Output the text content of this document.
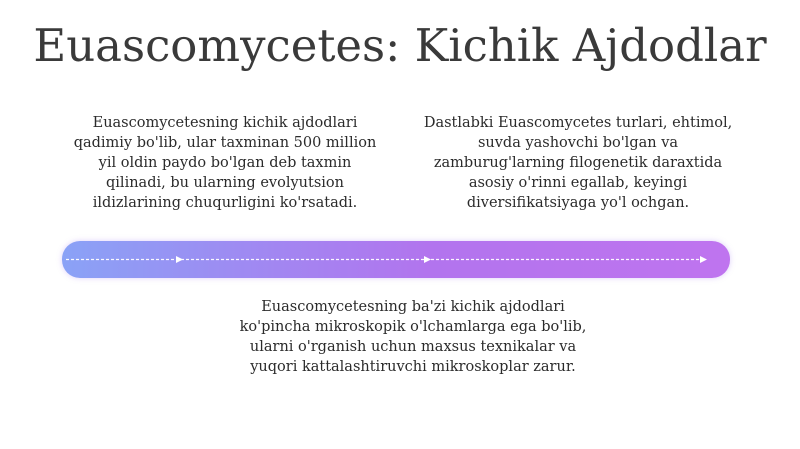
Euascomycetes: Kichik Ajdodlar

Euascomycetesning kichik ajdodlari qadimiy bo'lib, ular taxminan 500 million yil oldin paydo bo'lgan deb taxmin qilinadi, bu ularning evolyutsion ildizlarining chuqurligini ko'rsatadi.

Dastlabki Euascomycetes turlari, ehtimol, suvda yashovchi bo'lgan va zamburug'larning filogenetik daraxtida asosiy o'rinni egallab, keyingi diversifikatsiyaga yo'l ochgan.

Euascomycetesning ba'zi kichik ajdodlari ko'pincha mikroskopik o'lchamlarga ega bo'lib, ularni o'rganish uchun maxsus texnikalar va yuqori kattalashtiruvchi mikroskoplar zarur.
